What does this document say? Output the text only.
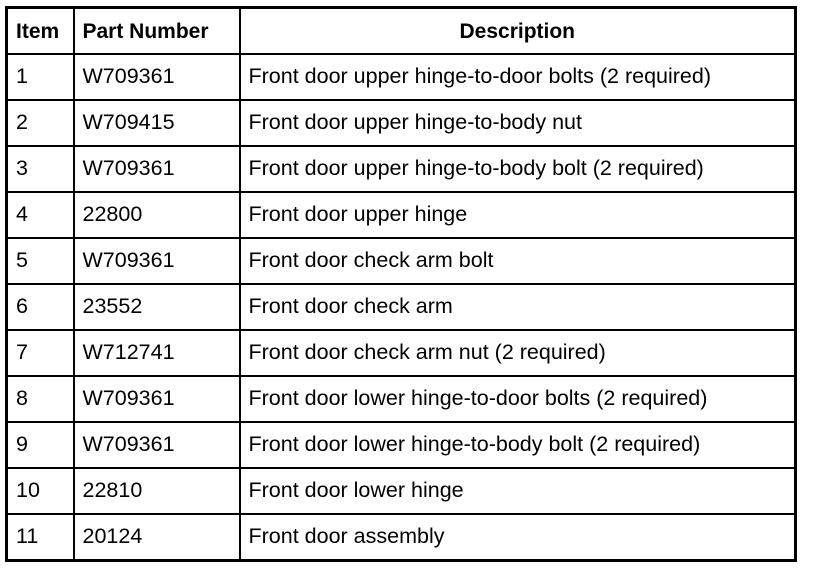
Item	Part Number	Description
1	W709361	Front door upper hinge-to-door bolts (2 required)
2	W709415	Front door upper hinge-to-body nut
3	W709361	Front door upper hinge-to-body bolt (2 required)
4	22800	Front door upper hinge
5	W709361	Front door check arm bolt
6	23552	Front door check arm
7	W712741	Front door check arm nut (2 required)
8	W709361	Front door lower hinge-to-door bolts (2 required)
9	W709361	Front door lower hinge-to-body bolt (2 required)
10	22810	Front door lower hinge
11	20124	Front door assembly
